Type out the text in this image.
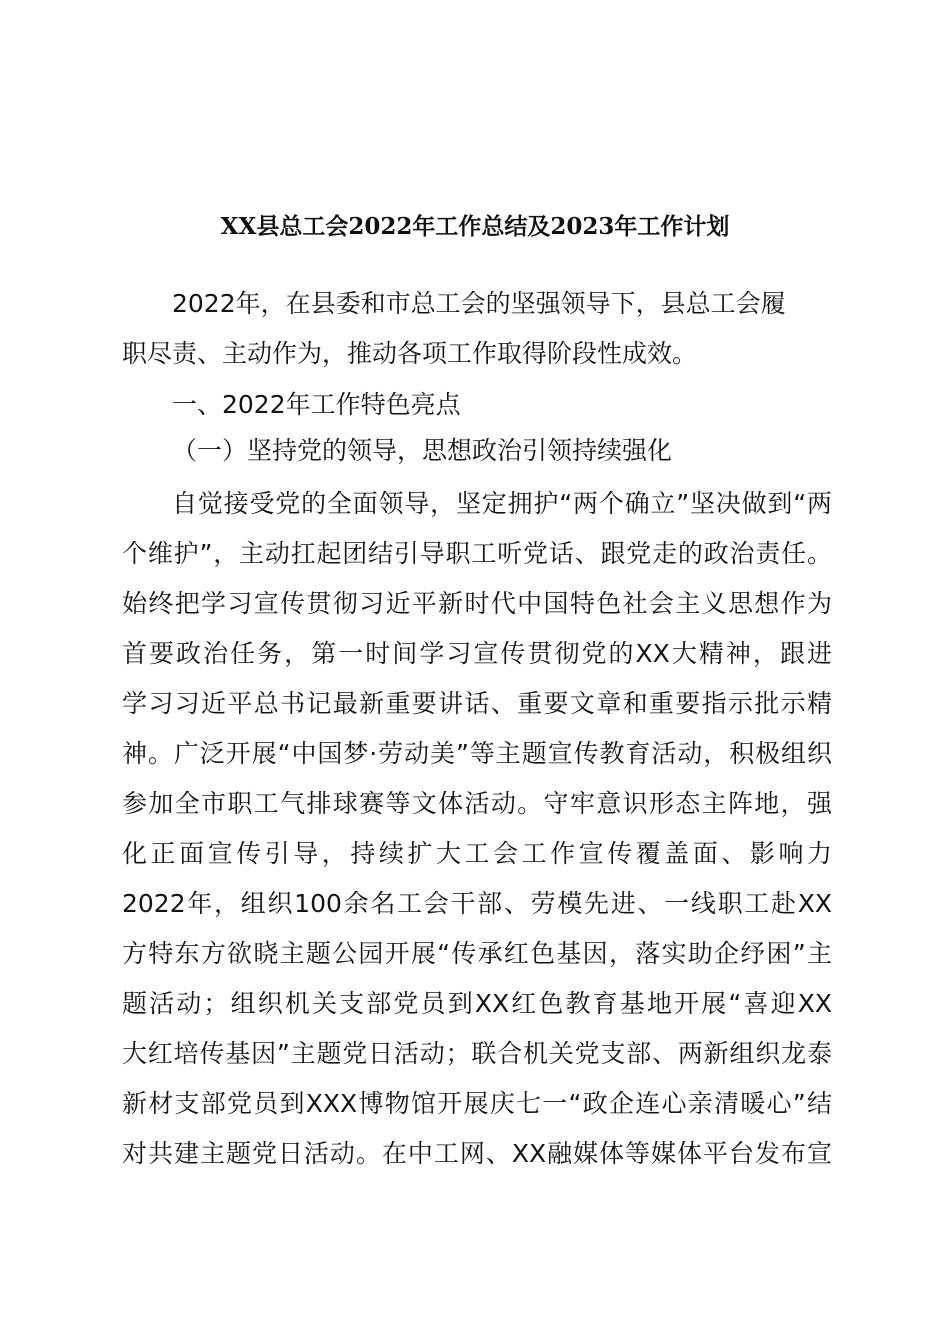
XX县总工会2022年工作总结及2023年工作计划
2022年，在县委和市总工会的坚强领导下，县总工会履
职尽责、主动作为，推动各项工作取得阶段性成效。
一、2022年工作特色亮点
（一）坚持党的领导，思想政治引领持续强化
自觉接受党的全面领导，坚定拥护“两个确立”坚决做到“两
个维护”，主动扛起团结引导职工听党话、跟党走的政治责任。
始终把学习宣传贯彻习近平新时代中国特色社会主义思想作为
首要政治任务，第一时间学习宣传贯彻党的XX大精神，跟进
学习习近平总书记最新重要讲话、重要文章和重要指示批示精
神。广泛开展“中国梦·劳动美”等主题宣传教育活动，积极组织
参加全市职工气排球赛等文体活动。守牢意识形态主阵地，强
化正面宣传引导，持续扩大工会工作宣传覆盖面、影响力
2022年，组织100余名工会干部、劳模先进、一线职工赴XX
方特东方欲晓主题公园开展“传承红色基因，落实助企纾困”主
题活动；组织机关支部党员到XX红色教育基地开展“喜迎XX
大红培传基因”主题党日活动；联合机关党支部、两新组织龙泰
新材支部党员到XXX博物馆开展庆七一“政企连心亲清暖心”结
对共建主题党日活动。在中工网、XX融媒体等媒体平台发布宣
